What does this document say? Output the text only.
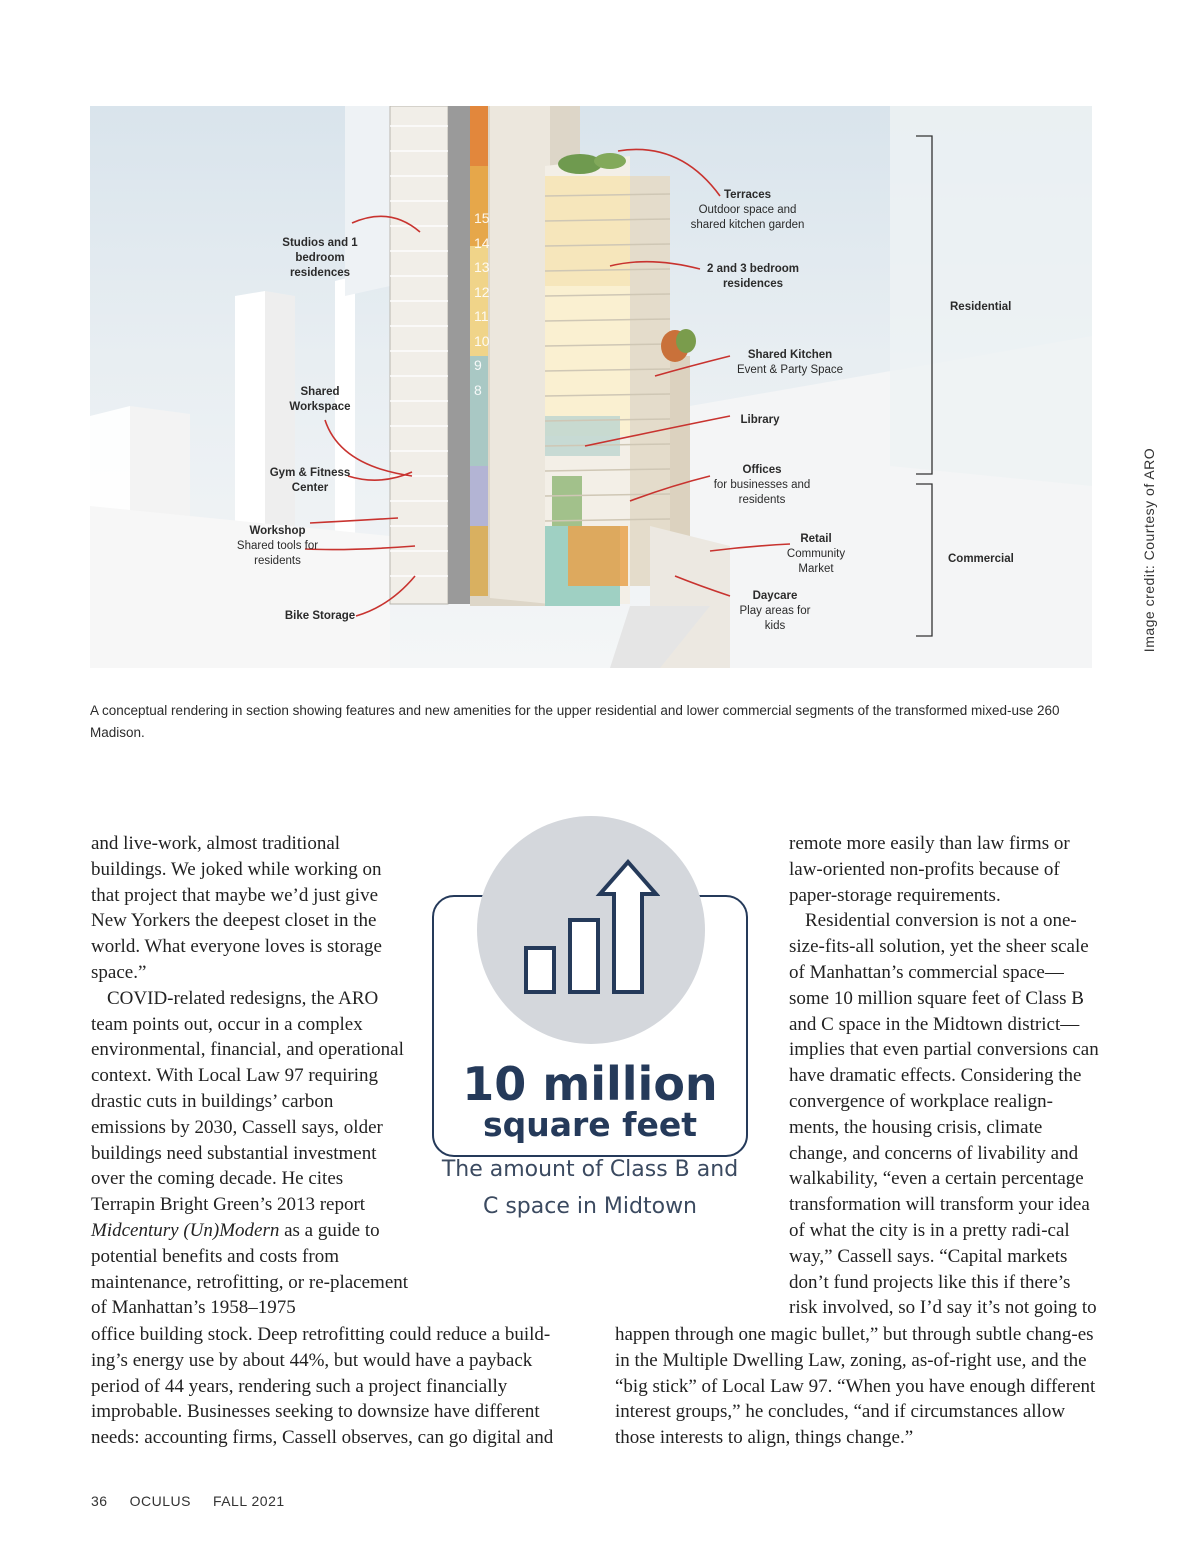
15
14
13
12
11
10
9
8
Studios and 1 bedroom residences
Shared Workspace
Gym & Fitness Center
Workshop
Shared tools for residents
Bike Storage
Terraces
Outdoor space and shared kitchen garden
2 and 3 bedroom residences
Shared Kitchen
Event & Party Space
Library
Offices
for businesses and residents
Retail
Community Market
Daycare
Play areas for kids
Residential
Commercial	Image credit: Courtesy of ARO
A conceptual rendering in section showing features and new amenities for the upper residential and lower commercial segments of the transformed mixed-use 260 Madison.

and live-work, almost traditional buildings. We joked while working on that project that maybe we’d just give New Yorkers the deepest closet in the world. What everyone loves is storage space.”

COVID-related redesigns, the ARO team points out, occur in a complex environmental, financial, and operational context. With Local Law 97 requiring drastic cuts in buildings’ carbon emissions by 2030, Cassell says, older buildings need substantial investment over the coming decade. He cites Terrapin Bright Green’s 2013 report Midcentury (Un)Modern as a guide to potential benefits and costs from maintenance, retrofitting, or re-placement of Manhattan’s 1958–1975

office building stock. Deep retrofitting could reduce a build-ing’s energy use by about 44%, but would have a payback period of 44 years, rendering such a project financially improbable. Businesses seeking to downsize have different needs: accounting firms, Cassell observes, can go digital and

remote more easily than law firms or law-oriented non-profits because of paper-storage requirements.

Residential conversion is not a one-size-fits-all solution, yet the sheer scale of Manhattan’s commercial space—some 10 million square feet of Class B and C space in the Midtown district—implies that even partial conversions can have dramatic effects. Considering the convergence of workplace realign-ments, the housing crisis, climate change, and concerns of livability and walkability, “even a certain percentage transformation will transform your idea of what the city is in a pretty radi-cal way,” Cassell says. “Capital markets don’t fund projects like this if there’s risk involved, so I’d say it’s not going to

happen through one magic bullet,” but through subtle chang-es in the Multiple Dwelling Law, zoning, as-of-right use, and the “big stick” of Local Law 97. “When you have enough different interest groups,” he concludes, “and if circumstances allow those interests to align, things change.”

10 million
square feet
The amount of Class B and C space in Midtown
36 OCULUS FALL 2021
